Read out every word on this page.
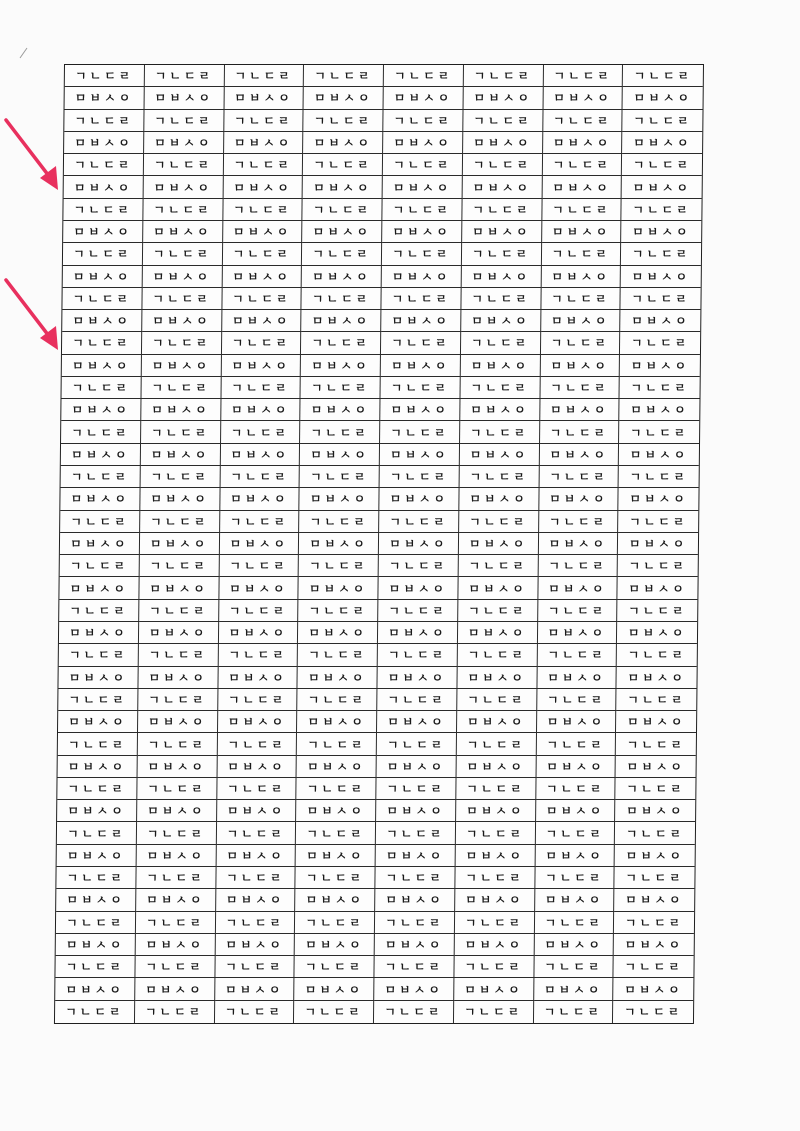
ㄱㄴㄷㄹ	ㄱㄴㄷㄹ	ㄱㄴㄷㄹ	ㄱㄴㄷㄹ	ㄱㄴㄷㄹ	ㄱㄴㄷㄹ	ㄱㄴㄷㄹ	ㄱㄴㄷㄹ
ㅁㅂㅅㅇ	ㅁㅂㅅㅇ	ㅁㅂㅅㅇ	ㅁㅂㅅㅇ	ㅁㅂㅅㅇ	ㅁㅂㅅㅇ	ㅁㅂㅅㅇ	ㅁㅂㅅㅇ
ㄱㄴㄷㄹ	ㄱㄴㄷㄹ	ㄱㄴㄷㄹ	ㄱㄴㄷㄹ	ㄱㄴㄷㄹ	ㄱㄴㄷㄹ	ㄱㄴㄷㄹ	ㄱㄴㄷㄹ
ㅁㅂㅅㅇ	ㅁㅂㅅㅇ	ㅁㅂㅅㅇ	ㅁㅂㅅㅇ	ㅁㅂㅅㅇ	ㅁㅂㅅㅇ	ㅁㅂㅅㅇ	ㅁㅂㅅㅇ
ㄱㄴㄷㄹ	ㄱㄴㄷㄹ	ㄱㄴㄷㄹ	ㄱㄴㄷㄹ	ㄱㄴㄷㄹ	ㄱㄴㄷㄹ	ㄱㄴㄷㄹ	ㄱㄴㄷㄹ
ㅁㅂㅅㅇ	ㅁㅂㅅㅇ	ㅁㅂㅅㅇ	ㅁㅂㅅㅇ	ㅁㅂㅅㅇ	ㅁㅂㅅㅇ	ㅁㅂㅅㅇ	ㅁㅂㅅㅇ
ㄱㄴㄷㄹ	ㄱㄴㄷㄹ	ㄱㄴㄷㄹ	ㄱㄴㄷㄹ	ㄱㄴㄷㄹ	ㄱㄴㄷㄹ	ㄱㄴㄷㄹ	ㄱㄴㄷㄹ
ㅁㅂㅅㅇ	ㅁㅂㅅㅇ	ㅁㅂㅅㅇ	ㅁㅂㅅㅇ	ㅁㅂㅅㅇ	ㅁㅂㅅㅇ	ㅁㅂㅅㅇ	ㅁㅂㅅㅇ
ㄱㄴㄷㄹ	ㄱㄴㄷㄹ	ㄱㄴㄷㄹ	ㄱㄴㄷㄹ	ㄱㄴㄷㄹ	ㄱㄴㄷㄹ	ㄱㄴㄷㄹ	ㄱㄴㄷㄹ
ㅁㅂㅅㅇ	ㅁㅂㅅㅇ	ㅁㅂㅅㅇ	ㅁㅂㅅㅇ	ㅁㅂㅅㅇ	ㅁㅂㅅㅇ	ㅁㅂㅅㅇ	ㅁㅂㅅㅇ
ㄱㄴㄷㄹ	ㄱㄴㄷㄹ	ㄱㄴㄷㄹ	ㄱㄴㄷㄹ	ㄱㄴㄷㄹ	ㄱㄴㄷㄹ	ㄱㄴㄷㄹ	ㄱㄴㄷㄹ
ㅁㅂㅅㅇ	ㅁㅂㅅㅇ	ㅁㅂㅅㅇ	ㅁㅂㅅㅇ	ㅁㅂㅅㅇ	ㅁㅂㅅㅇ	ㅁㅂㅅㅇ	ㅁㅂㅅㅇ
ㄱㄴㄷㄹ	ㄱㄴㄷㄹ	ㄱㄴㄷㄹ	ㄱㄴㄷㄹ	ㄱㄴㄷㄹ	ㄱㄴㄷㄹ	ㄱㄴㄷㄹ	ㄱㄴㄷㄹ
ㅁㅂㅅㅇ	ㅁㅂㅅㅇ	ㅁㅂㅅㅇ	ㅁㅂㅅㅇ	ㅁㅂㅅㅇ	ㅁㅂㅅㅇ	ㅁㅂㅅㅇ	ㅁㅂㅅㅇ
ㄱㄴㄷㄹ	ㄱㄴㄷㄹ	ㄱㄴㄷㄹ	ㄱㄴㄷㄹ	ㄱㄴㄷㄹ	ㄱㄴㄷㄹ	ㄱㄴㄷㄹ	ㄱㄴㄷㄹ
ㅁㅂㅅㅇ	ㅁㅂㅅㅇ	ㅁㅂㅅㅇ	ㅁㅂㅅㅇ	ㅁㅂㅅㅇ	ㅁㅂㅅㅇ	ㅁㅂㅅㅇ	ㅁㅂㅅㅇ
ㄱㄴㄷㄹ	ㄱㄴㄷㄹ	ㄱㄴㄷㄹ	ㄱㄴㄷㄹ	ㄱㄴㄷㄹ	ㄱㄴㄷㄹ	ㄱㄴㄷㄹ	ㄱㄴㄷㄹ
ㅁㅂㅅㅇ	ㅁㅂㅅㅇ	ㅁㅂㅅㅇ	ㅁㅂㅅㅇ	ㅁㅂㅅㅇ	ㅁㅂㅅㅇ	ㅁㅂㅅㅇ	ㅁㅂㅅㅇ
ㄱㄴㄷㄹ	ㄱㄴㄷㄹ	ㄱㄴㄷㄹ	ㄱㄴㄷㄹ	ㄱㄴㄷㄹ	ㄱㄴㄷㄹ	ㄱㄴㄷㄹ	ㄱㄴㄷㄹ
ㅁㅂㅅㅇ	ㅁㅂㅅㅇ	ㅁㅂㅅㅇ	ㅁㅂㅅㅇ	ㅁㅂㅅㅇ	ㅁㅂㅅㅇ	ㅁㅂㅅㅇ	ㅁㅂㅅㅇ
ㄱㄴㄷㄹ	ㄱㄴㄷㄹ	ㄱㄴㄷㄹ	ㄱㄴㄷㄹ	ㄱㄴㄷㄹ	ㄱㄴㄷㄹ	ㄱㄴㄷㄹ	ㄱㄴㄷㄹ
ㅁㅂㅅㅇ	ㅁㅂㅅㅇ	ㅁㅂㅅㅇ	ㅁㅂㅅㅇ	ㅁㅂㅅㅇ	ㅁㅂㅅㅇ	ㅁㅂㅅㅇ	ㅁㅂㅅㅇ
ㄱㄴㄷㄹ	ㄱㄴㄷㄹ	ㄱㄴㄷㄹ	ㄱㄴㄷㄹ	ㄱㄴㄷㄹ	ㄱㄴㄷㄹ	ㄱㄴㄷㄹ	ㄱㄴㄷㄹ
ㅁㅂㅅㅇ	ㅁㅂㅅㅇ	ㅁㅂㅅㅇ	ㅁㅂㅅㅇ	ㅁㅂㅅㅇ	ㅁㅂㅅㅇ	ㅁㅂㅅㅇ	ㅁㅂㅅㅇ
ㄱㄴㄷㄹ	ㄱㄴㄷㄹ	ㄱㄴㄷㄹ	ㄱㄴㄷㄹ	ㄱㄴㄷㄹ	ㄱㄴㄷㄹ	ㄱㄴㄷㄹ	ㄱㄴㄷㄹ
ㅁㅂㅅㅇ	ㅁㅂㅅㅇ	ㅁㅂㅅㅇ	ㅁㅂㅅㅇ	ㅁㅂㅅㅇ	ㅁㅂㅅㅇ	ㅁㅂㅅㅇ	ㅁㅂㅅㅇ
ㄱㄴㄷㄹ	ㄱㄴㄷㄹ	ㄱㄴㄷㄹ	ㄱㄴㄷㄹ	ㄱㄴㄷㄹ	ㄱㄴㄷㄹ	ㄱㄴㄷㄹ	ㄱㄴㄷㄹ
ㅁㅂㅅㅇ	ㅁㅂㅅㅇ	ㅁㅂㅅㅇ	ㅁㅂㅅㅇ	ㅁㅂㅅㅇ	ㅁㅂㅅㅇ	ㅁㅂㅅㅇ	ㅁㅂㅅㅇ
ㄱㄴㄷㄹ	ㄱㄴㄷㄹ	ㄱㄴㄷㄹ	ㄱㄴㄷㄹ	ㄱㄴㄷㄹ	ㄱㄴㄷㄹ	ㄱㄴㄷㄹ	ㄱㄴㄷㄹ
ㅁㅂㅅㅇ	ㅁㅂㅅㅇ	ㅁㅂㅅㅇ	ㅁㅂㅅㅇ	ㅁㅂㅅㅇ	ㅁㅂㅅㅇ	ㅁㅂㅅㅇ	ㅁㅂㅅㅇ
ㄱㄴㄷㄹ	ㄱㄴㄷㄹ	ㄱㄴㄷㄹ	ㄱㄴㄷㄹ	ㄱㄴㄷㄹ	ㄱㄴㄷㄹ	ㄱㄴㄷㄹ	ㄱㄴㄷㄹ
ㅁㅂㅅㅇ	ㅁㅂㅅㅇ	ㅁㅂㅅㅇ	ㅁㅂㅅㅇ	ㅁㅂㅅㅇ	ㅁㅂㅅㅇ	ㅁㅂㅅㅇ	ㅁㅂㅅㅇ
ㄱㄴㄷㄹ	ㄱㄴㄷㄹ	ㄱㄴㄷㄹ	ㄱㄴㄷㄹ	ㄱㄴㄷㄹ	ㄱㄴㄷㄹ	ㄱㄴㄷㄹ	ㄱㄴㄷㄹ
ㅁㅂㅅㅇ	ㅁㅂㅅㅇ	ㅁㅂㅅㅇ	ㅁㅂㅅㅇ	ㅁㅂㅅㅇ	ㅁㅂㅅㅇ	ㅁㅂㅅㅇ	ㅁㅂㅅㅇ
ㄱㄴㄷㄹ	ㄱㄴㄷㄹ	ㄱㄴㄷㄹ	ㄱㄴㄷㄹ	ㄱㄴㄷㄹ	ㄱㄴㄷㄹ	ㄱㄴㄷㄹ	ㄱㄴㄷㄹ
ㅁㅂㅅㅇ	ㅁㅂㅅㅇ	ㅁㅂㅅㅇ	ㅁㅂㅅㅇ	ㅁㅂㅅㅇ	ㅁㅂㅅㅇ	ㅁㅂㅅㅇ	ㅁㅂㅅㅇ
ㄱㄴㄷㄹ	ㄱㄴㄷㄹ	ㄱㄴㄷㄹ	ㄱㄴㄷㄹ	ㄱㄴㄷㄹ	ㄱㄴㄷㄹ	ㄱㄴㄷㄹ	ㄱㄴㄷㄹ
ㅁㅂㅅㅇ	ㅁㅂㅅㅇ	ㅁㅂㅅㅇ	ㅁㅂㅅㅇ	ㅁㅂㅅㅇ	ㅁㅂㅅㅇ	ㅁㅂㅅㅇ	ㅁㅂㅅㅇ
ㄱㄴㄷㄹ	ㄱㄴㄷㄹ	ㄱㄴㄷㄹ	ㄱㄴㄷㄹ	ㄱㄴㄷㄹ	ㄱㄴㄷㄹ	ㄱㄴㄷㄹ	ㄱㄴㄷㄹ
ㅁㅂㅅㅇ	ㅁㅂㅅㅇ	ㅁㅂㅅㅇ	ㅁㅂㅅㅇ	ㅁㅂㅅㅇ	ㅁㅂㅅㅇ	ㅁㅂㅅㅇ	ㅁㅂㅅㅇ
ㄱㄴㄷㄹ	ㄱㄴㄷㄹ	ㄱㄴㄷㄹ	ㄱㄴㄷㄹ	ㄱㄴㄷㄹ	ㄱㄴㄷㄹ	ㄱㄴㄷㄹ	ㄱㄴㄷㄹ
ㅁㅂㅅㅇ	ㅁㅂㅅㅇ	ㅁㅂㅅㅇ	ㅁㅂㅅㅇ	ㅁㅂㅅㅇ	ㅁㅂㅅㅇ	ㅁㅂㅅㅇ	ㅁㅂㅅㅇ
ㄱㄴㄷㄹ	ㄱㄴㄷㄹ	ㄱㄴㄷㄹ	ㄱㄴㄷㄹ	ㄱㄴㄷㄹ	ㄱㄴㄷㄹ	ㄱㄴㄷㄹ	ㄱㄴㄷㄹ
